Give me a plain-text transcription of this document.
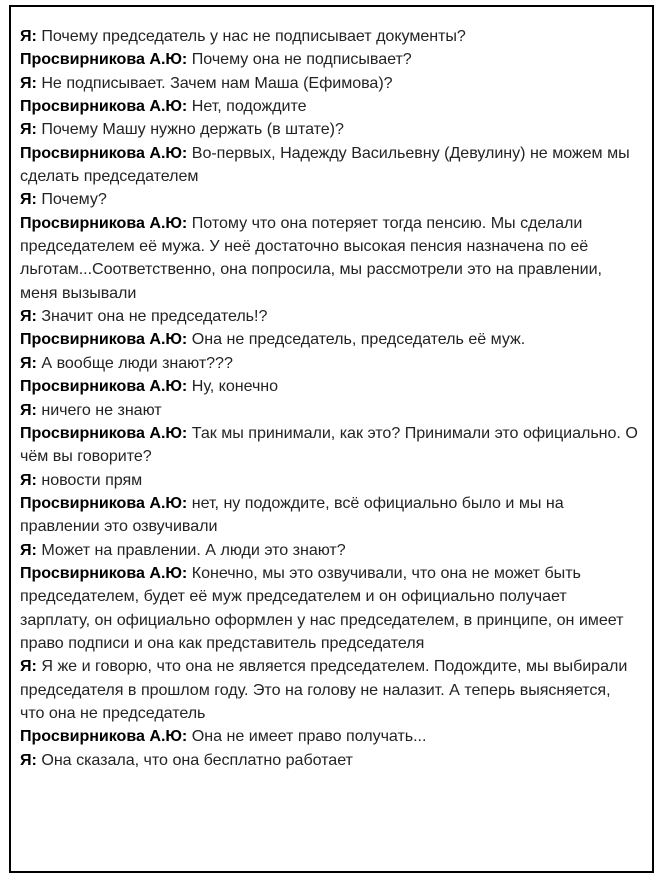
Я: Почему председатель у нас не подписывает документы?

Просвирникова А.Ю: Почему она не подписывает?

Я: Не подписывает. Зачем нам Маша (Ефимова)?

Просвирникова А.Ю: Нет, подождите

Я: Почему Машу нужно держать (в штате)?

Просвирникова А.Ю: Во-первых, Надежду Васильевну (Девулину) не можем мы сделать председателем

Я: Почему?

Просвирникова А.Ю: Потому что она потеряет тогда пенсию. Мы сделали председателем её мужа. У неё достаточно высокая пенсия назначена по её льготам...Соответственно, она попросила, мы рассмотрели это на правлении, меня вызывали

Я: Значит она не председатель!?

Просвирникова А.Ю: Она не председатель, председатель её муж.

Я: А вообще люди знают???

Просвирникова А.Ю: Ну, конечно

Я: ничего не знают

Просвирникова А.Ю: Так мы принимали, как это? Принимали это официально. О чём вы говорите?

Я: новости прям

Просвирникова А.Ю: нет, ну подождите, всё официально было и мы на правлении это озвучивали

Я: Может на правлении. А люди это знают?

Просвирникова А.Ю: Конечно, мы это озвучивали, что она не может быть председателем, будет её муж председателем и он официально получает зарплату, он официально оформлен у нас председателем, в принципе, он имеет право подписи и она как представитель председателя

Я: Я же и говорю, что она не является председателем. Подождите, мы выбирали председателя в прошлом году. Это на голову не налазит. А теперь выясняется, что она не председатель

Просвирникова А.Ю: Она не имеет право получать...

Я: Она сказала, что она бесплатно работает
